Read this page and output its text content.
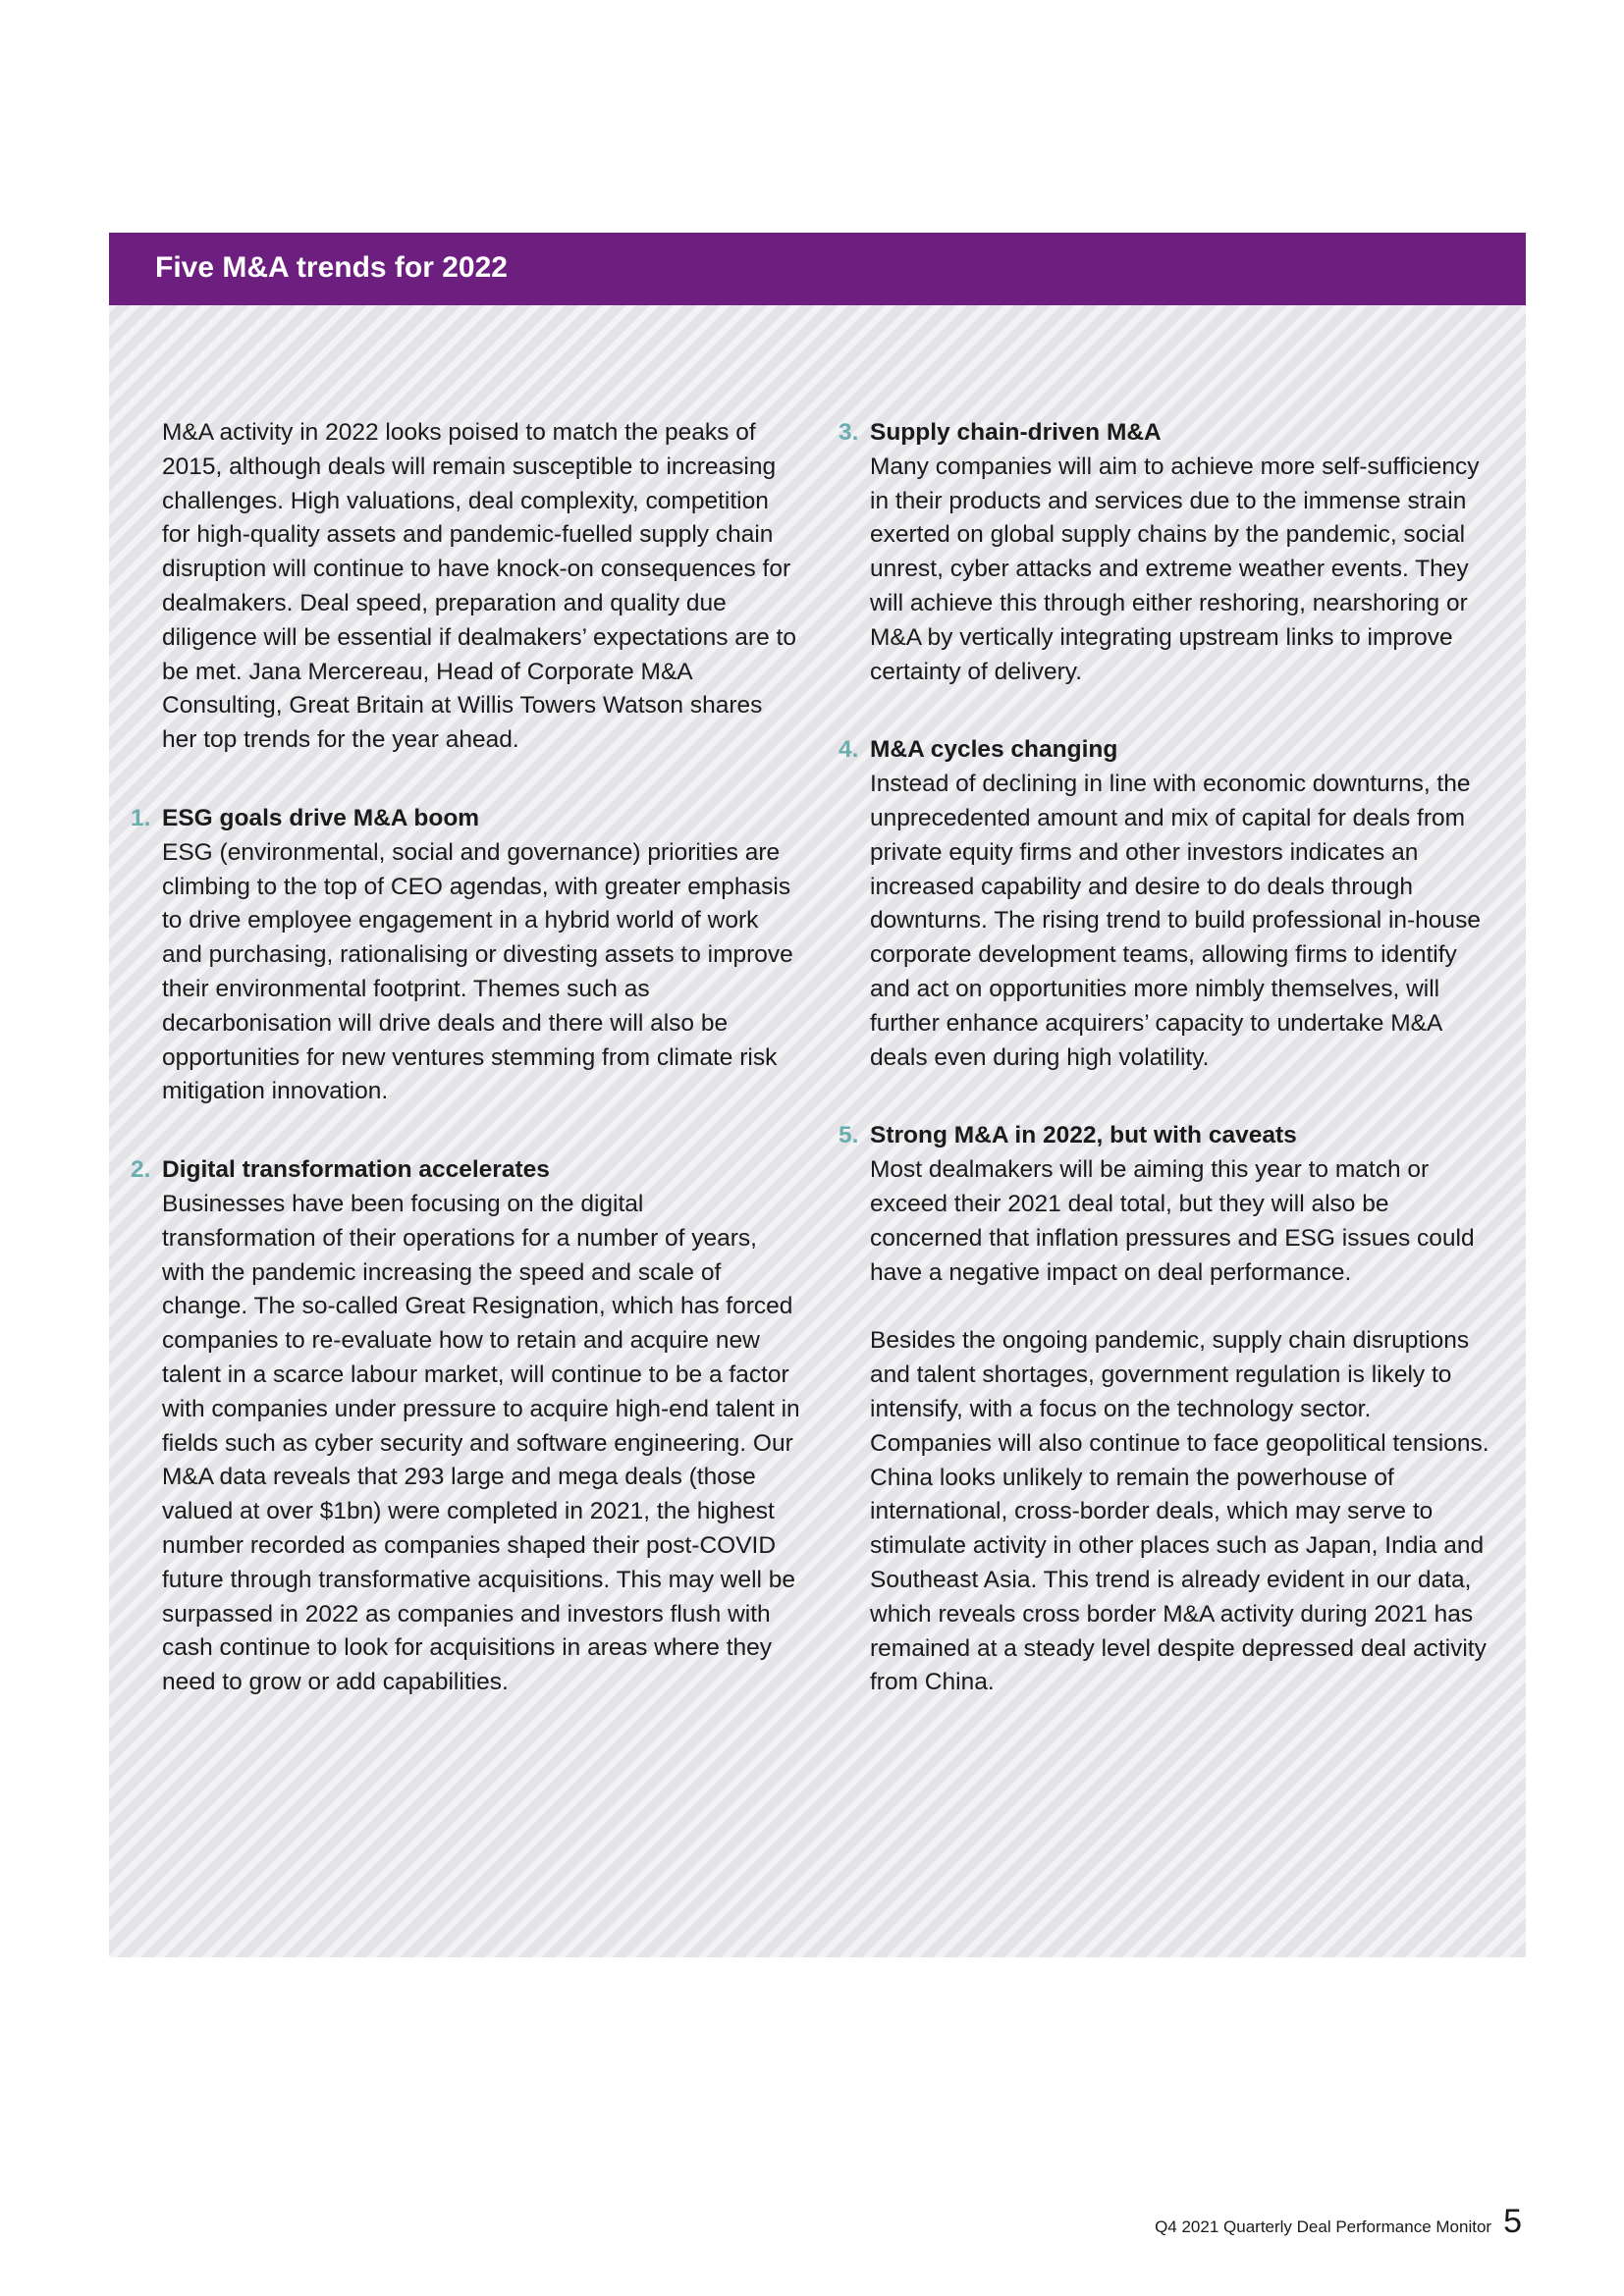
Five M&A trends for 2022

M&A activity in 2022 looks poised to match the peaks of 2015, although deals will remain susceptible to increasing challenges. High valuations, deal complexity, competition for high-quality assets and pandemic-fuelled supply chain disruption will continue to have knock-on consequences for dealmakers. Deal speed, preparation and quality due diligence will be essential if dealmakers’ expectations are to be met. Jana Mercereau, Head of Corporate M&A Consulting, Great Britain at Willis Towers Watson shares her top trends for the year ahead.

1. ESG goals drive M&A boom

ESG (environmental, social and governance) priorities are climbing to the top of CEO agendas, with greater emphasis to drive employee engagement in a hybrid world of work and purchasing, rationalising or divesting assets to improve their environmental footprint. Themes such as decarbonisation will drive deals and there will also be opportunities for new ventures stemming from climate risk mitigation innovation.

2. Digital transformation accelerates

Businesses have been focusing on the digital transformation of their operations for a number of years, with the pandemic increasing the speed and scale of change. The so-called Great Resignation, which has forced companies to re-evaluate how to retain and acquire new talent in a scarce labour market, will continue to be a factor with companies under pressure to acquire high-end talent in fields such as cyber security and software engineering. Our M&A data reveals that 293 large and mega deals (those valued at over $1bn) were completed in 2021, the highest number recorded as companies shaped their post-COVID future through transformative acquisitions. This may well be surpassed in 2022 as companies and investors flush with cash continue to look for acquisitions in areas where they need to grow or add capabilities.

3. Supply chain-driven M&A

Many companies will aim to achieve more self-sufficiency in their products and services due to the immense strain exerted on global supply chains by the pandemic, social unrest, cyber attacks and extreme weather events. They will achieve this through either reshoring, nearshoring or M&A by vertically integrating upstream links to improve certainty of delivery.

4. M&A cycles changing

Instead of declining in line with economic downturns, the unprecedented amount and mix of capital for deals from private equity firms and other investors indicates an increased capability and desire to do deals through downturns. The rising trend to build professional in-house corporate development teams, allowing firms to identify and act on opportunities more nimbly themselves, will further enhance acquirers’ capacity to undertake M&A deals even during high volatility.

5. Strong M&A in 2022, but with caveats

Most dealmakers will be aiming this year to match or exceed their 2021 deal total, but they will also be concerned that inflation pressures and ESG issues could have a negative impact on deal performance.

Besides the ongoing pandemic, supply chain disruptions and talent shortages, government regulation is likely to intensify, with a focus on the technology sector. Companies will also continue to face geopolitical tensions. China looks unlikely to remain the powerhouse of international, cross-border deals, which may serve to stimulate activity in other places such as Japan, India and Southeast Asia. This trend is already evident in our data, which reveals cross border M&A activity during 2021 has remained at a steady level despite depressed deal activity from China.

Q4 2021 Quarterly Deal Performance Monitor 5
